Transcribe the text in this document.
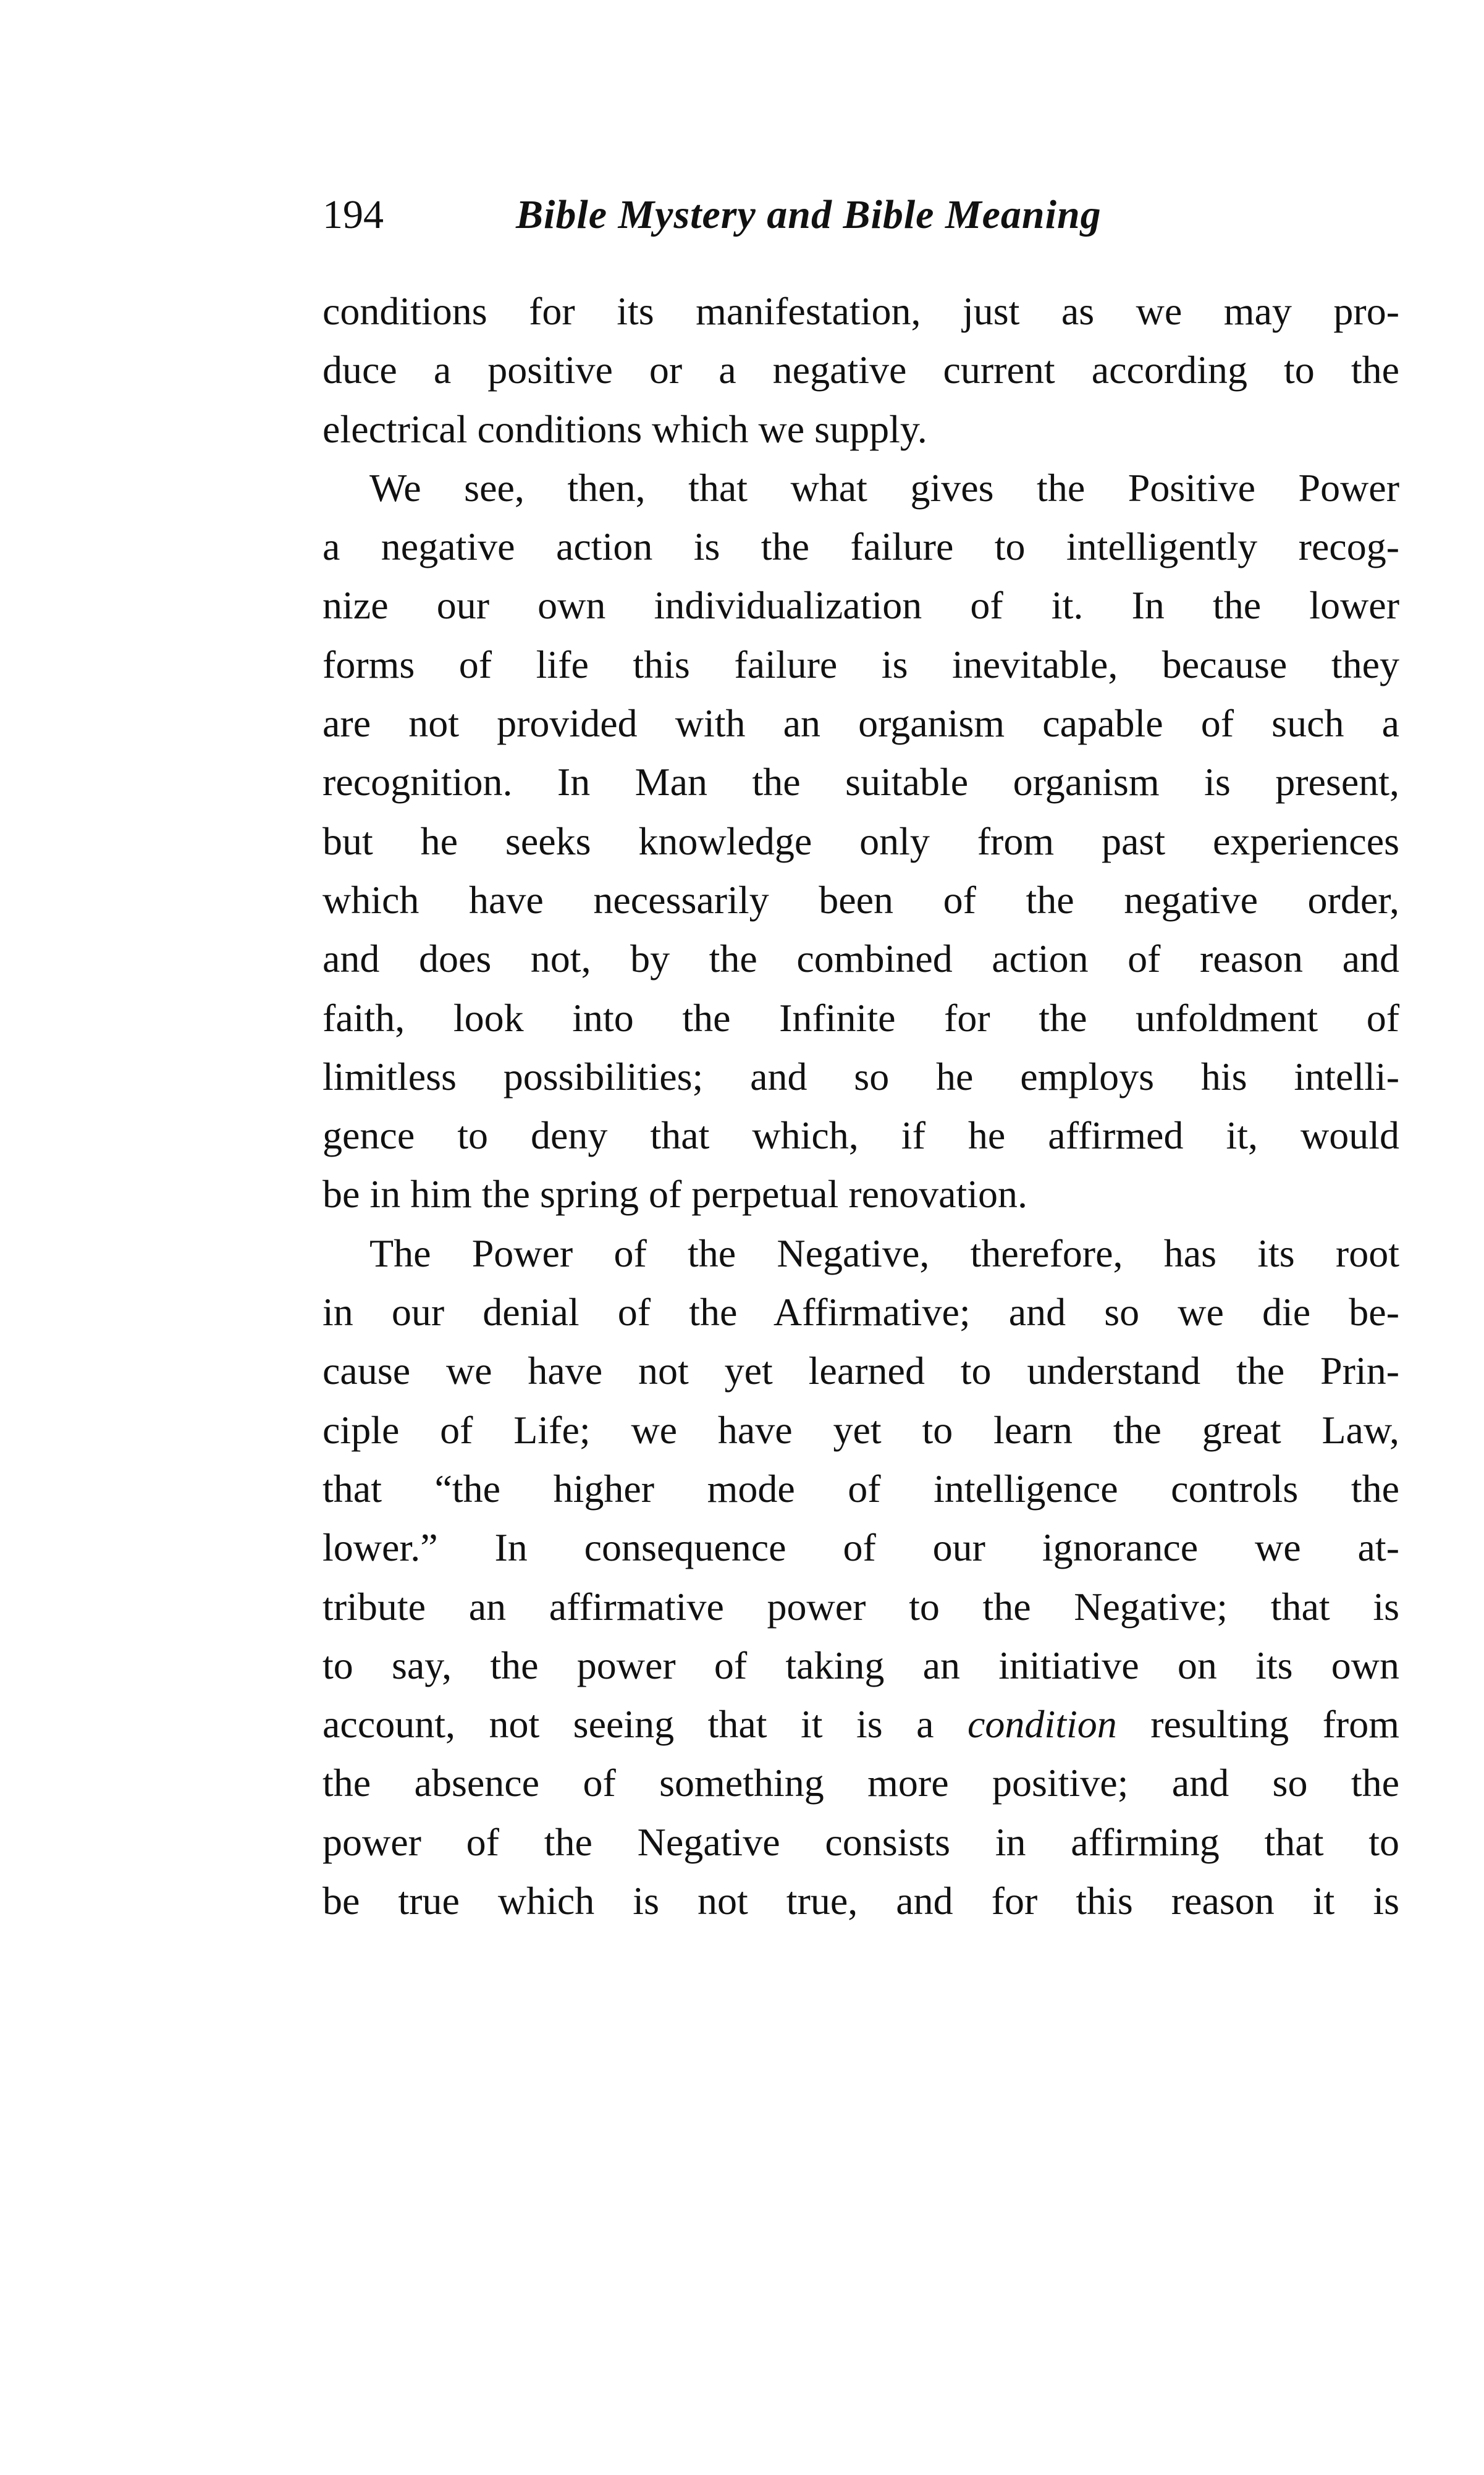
194	Bible Mystery and Bible Meaning
conditions for its manifestation, just as we may pro-
duce a positive or a negative current according to the
electrical conditions which we supply.
We see, then, that what gives the Positive Power
a negative action is the failure to intelligently recog-
nize our own individualization of it. In the lower
forms of life this failure is inevitable, because they
are not provided with an organism capable of such a
recognition. In Man the suitable organism is present,
but he seeks knowledge only from past experiences
which have necessarily been of the negative order,
and does not, by the combined action of reason and
faith, look into the Infinite for the unfoldment of
limitless possibilities; and so he employs his intelli-
gence to deny that which, if he affirmed it, would
be in him the spring of perpetual renovation.
The Power of the Negative, therefore, has its root
in our denial of the Affirmative; and so we die be-
cause we have not yet learned to understand the Prin-
ciple of Life; we have yet to learn the great Law,
that “the higher mode of intelligence controls the
lower.” In consequence of our ignorance we at-
tribute an affirmative power to the Negative; that is
to say, the power of taking an initiative on its own
account, not seeing that it is a condition resulting from
the absence of something more positive; and so the
power of the Negative consists in affirming that to
be true which is not true, and for this reason it is
